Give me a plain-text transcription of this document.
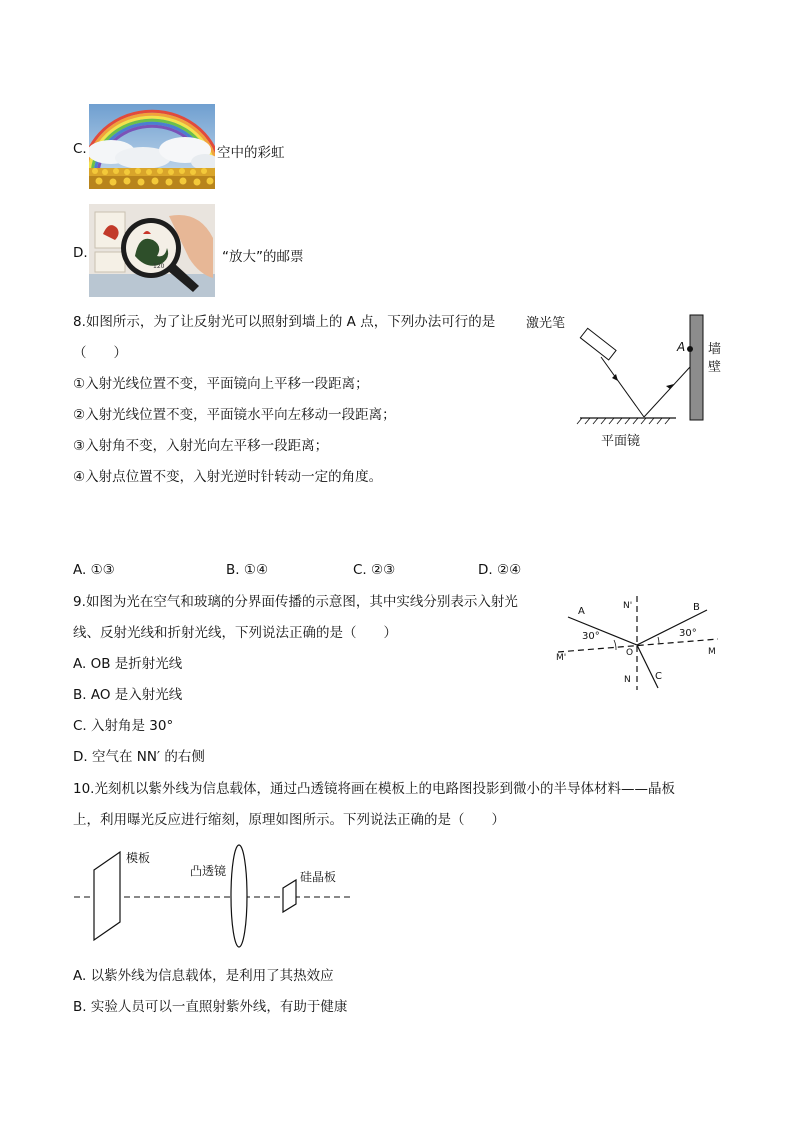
C.	空中的彩虹
D.
120
“放大”的邮票
8.如图所示，为了让反射光可以照射到墙上的 A 点，下列办法可行的是
（　　）
①入射光线位置不变，平面镜向上平移一段距离；
②入射光线位置不变，平面镜水平向左移动一段距离；
③入射角不变，入射光向左平移一段距离；
④入射点位置不变，入射光逆时针转动一定的角度。
A. ①③	B. ①④	C. ②③	D. ②④
激光笔
平面镜
A 墙
壁
9.如图为光在空气和玻璃的分界面传播的示意图，其中实线分别表示入射光
线、反射光线和折射光线，下列说法正确的是（　　）
A. OB 是折射光线
B. AO 是入射光线
C. 入射角是 30°
D. 空气在 NN′ 的右侧
A	B
C
N'
N
M'
M
O
30°	30°
10.光刻机以紫外线为信息载体，通过凸透镜将画在模板上的电路图投影到微小的半导体材料——晶板
上，利用曝光反应进行缩刻，原理如图所示。下列说法正确的是（　　）
模板
凸透镜	硅晶板
A. 以紫外线为信息载体，是利用了其热效应
B. 实验人员可以一直照射紫外线，有助于健康
